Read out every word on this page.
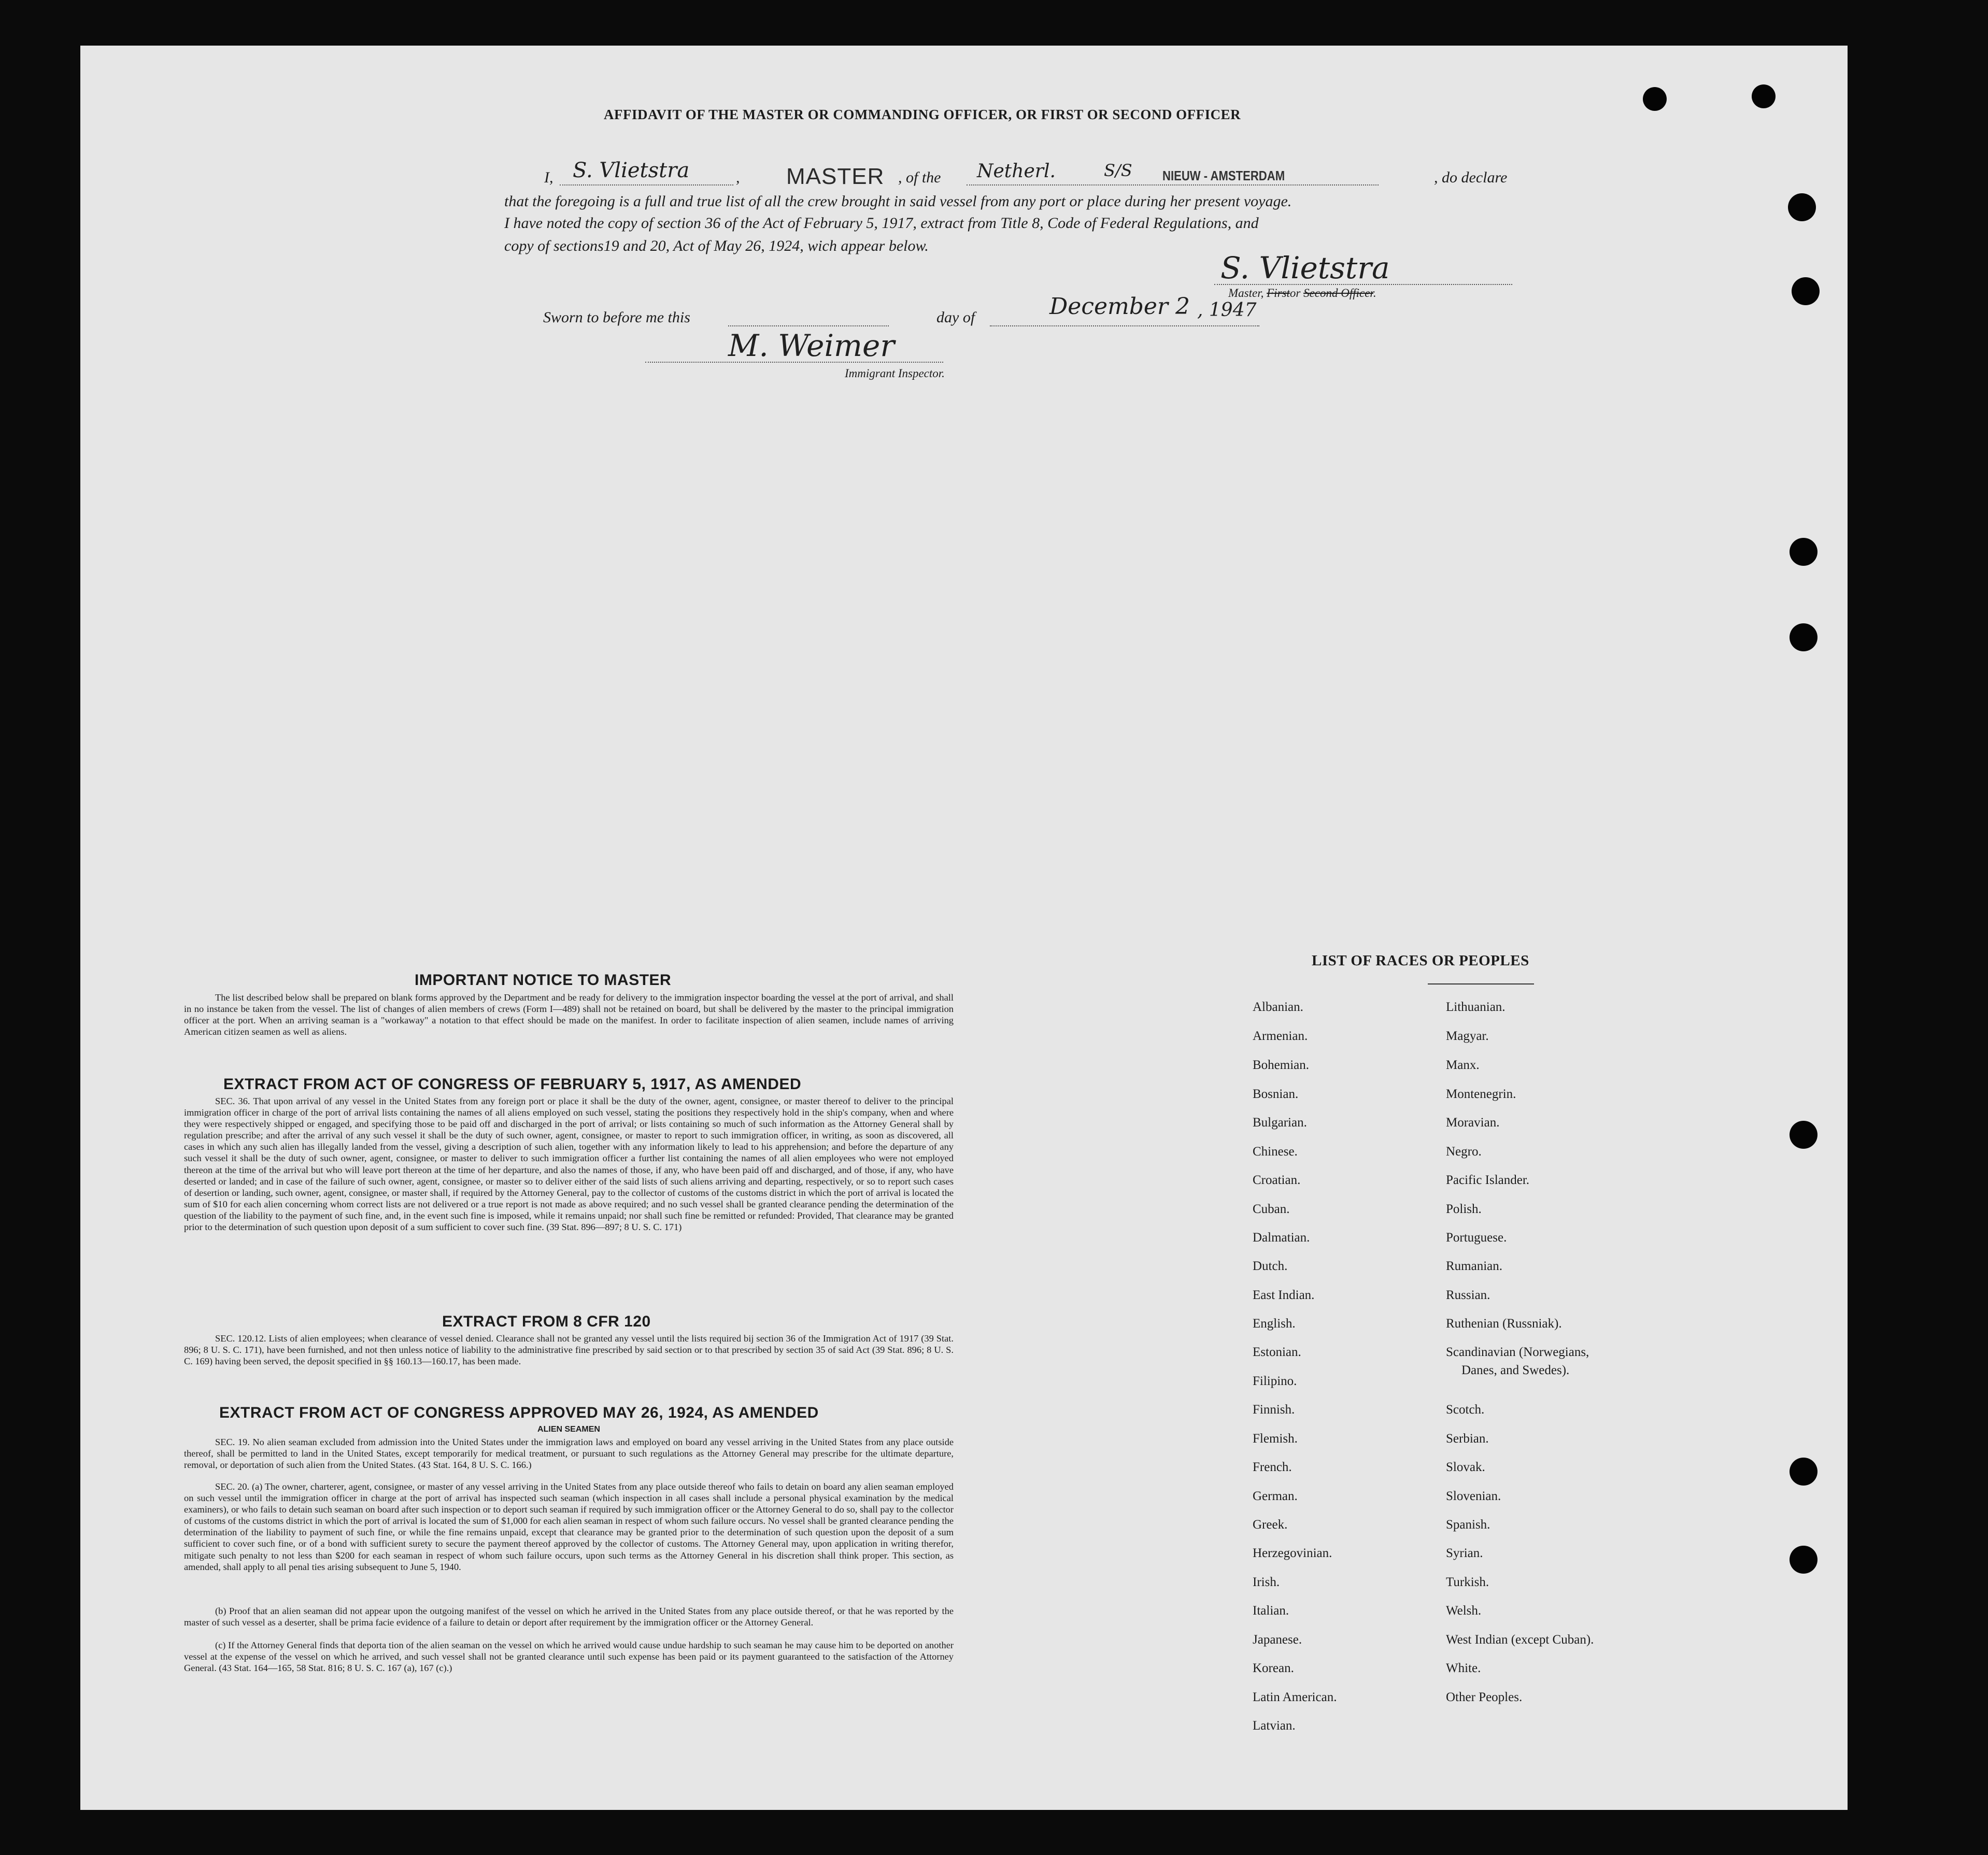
AFFIDAVIT OF THE MASTER OR COMMANDING OFFICER, OR FIRST OR SECOND OFFICER
I, S. Vlietstra	, MASTER , of the Netherl.	S/S NIEUW - AMSTERDAM	, do declare
that the foregoing is a full and true list of all the crew brought in said vessel from any port or place during her present voyage.
I have noted the copy of section 36 of the Act of February 5, 1917, extract from Title 8, Code of Federal Regulations, and
copy of sections19 and 20, Act of May 26, 1924, wich appear below.
S. Vlietstra
Master, Firstor Second Officer.
Sworn to before me this	day of	December 2 , 1947
M. Weimer
Immigrant Inspector.
IMPORTANT NOTICE TO MASTER
The list described below shall be prepared on blank forms approved by the Department and be ready for delivery to the immigration inspector boarding the vessel at the port of arrival, and shall in no instance be taken from the vessel. The list of changes of alien members of crews (Form I—489) shall not be retained on board, but shall be delivered by the master to the principal immigration officer at the port. When an arriving seaman is a "workaway" a notation to that effect should be made on the manifest. In order to facilitate inspection of alien seamen, include names of arriving American citizen seamen as well as aliens.
EXTRACT FROM ACT OF CONGRESS OF FEBRUARY 5, 1917, AS AMENDED
SEC. 36. That upon arrival of any vessel in the United States from any foreign port or place it shall be the duty of the owner, agent, consignee, or master thereof to deliver to the principal immigration officer in charge of the port of arrival lists containing the names of all aliens employed on such vessel, stating the positions they respectively hold in the ship's company, when and where they were respectively shipped or engaged, and specifying those to be paid off and discharged in the port of arrival; or lists containing so much of such information as the Attorney General shall by regulation prescribe; and after the arrival of any such vessel it shall be the duty of such owner, agent, consignee, or master to report to such immigration officer, in writing, as soon as discovered, all cases in which any such alien has illegally landed from the vessel, giving a description of such alien, together with any information likely to lead to his apprehension; and before the departure of any such vessel it shall be the duty of such owner, agent, consignee, or master to deliver to such immigration officer a further list containing the names of all alien employees who were not employed thereon at the time of the arrival but who will leave port thereon at the time of her departure, and also the names of those, if any, who have been paid off and discharged, and of those, if any, who have deserted or landed; and in case of the failure of such owner, agent, consignee, or master so to deliver either of the said lists of such aliens arriving and departing, respectively, or so to report such cases of desertion or landing, such owner, agent, consignee, or master shall, if required by the Attorney General, pay to the collector of customs of the customs district in which the port of arrival is located the sum of $10 for each alien concerning whom correct lists are not delivered or a true report is not made as above required; and no such vessel shall be granted clearance pending the determination of the question of the liability to the payment of such fine, and, in the event such fine is imposed, while it remains unpaid; nor shall such fine be remitted or refunded: Provided, That clearance may be granted prior to the determination of such question upon deposit of a sum sufficient to cover such fine. (39 Stat. 896—897; 8 U. S. C. 171)
EXTRACT FROM 8 CFR 120
SEC. 120.12. Lists of alien employees; when clearance of vessel denied. Clearance shall not be granted any vessel until the lists required bij section 36 of the Immigration Act of 1917 (39 Stat. 896; 8 U. S. C. 171), have been furnished, and not then unless notice of liability to the administrative fine prescribed by said section or to that prescribed by section 35 of said Act (39 Stat. 896; 8 U. S. C. 169) having been served, the deposit specified in §§ 160.13—160.17, has been made.
EXTRACT FROM ACT OF CONGRESS APPROVED MAY 26, 1924, AS AMENDED
ALIEN SEAMEN
SEC. 19. No alien seaman excluded from admission into the United States under the immigration laws and employed on board any vessel arriving in the United States from any place outside thereof, shall be permitted to land in the United States, except temporarily for medical treatment, or pursuant to such regulations as the Attorney General may prescribe for the ultimate departure, removal, or deportation of such alien from the United States. (43 Stat. 164, 8 U. S. C. 166.)
SEC. 20. (a) The owner, charterer, agent, consignee, or master of any vessel arriving in the United States from any place outside thereof who fails to detain on board any alien seaman employed on such vessel until the immigration officer in charge at the port of arrival has inspected such seaman (which inspection in all cases shall include a personal physical examination by the medical examiners), or who fails to detain such seaman on board after such inspection or to deport such seaman if required by such immigration officer or the Attorney General to do so, shall pay to the collector of customs of the customs district in which the port of arrival is located the sum of $1,000 for each alien seaman in respect of whom such failure occurs. No vessel shall be granted clearance pending the determination of the liability to payment of such fine, or while the fine remains unpaid, except that clearance may be granted prior to the determination of such question upon the deposit of a sum sufficient to cover such fine, or of a bond with sufficient surety to secure the payment thereof approved by the collector of customs. The Attorney General may, upon application in writing therefor, mitigate such penalty to not less than $200 for each seaman in respect of whom such failure occurs, upon such terms as the Attorney General in his discretion shall think proper. This section, as amended, shall apply to all penal ties arising subsequent to June 5, 1940.
(b) Proof that an alien seaman did not appear upon the outgoing manifest of the vessel on which he arrived in the United States from any place outside thereof, or that he was reported by the master of such vessel as a deserter, shall be prima facie evidence of a failure to detain or deport after requirement by the immigration officer or the Attorney General.
(c) If the Attorney General finds that deporta tion of the alien seaman on the vessel on which he arrived would cause undue hardship to such seaman he may cause him to be deported on another vessel at the expense of the vessel on which he arrived, and such vessel shall not be granted clearance until such expense has been paid or its payment guaranteed to the satisfaction of the Attorney General. (43 Stat. 164—165, 58 Stat. 816; 8 U. S. C. 167 (a), 167 (c).)
LIST OF RACES OR PEOPLES
Albanian.
Armenian.
Bohemian.
Bosnian.
Bulgarian.
Chinese.
Croatian.
Cuban.
Dalmatian.
Dutch.
East Indian.
English.
Estonian.
Filipino.
Finnish.
Flemish.
French.
German.
Greek.
Herzegovinian.
Irish.
Italian.
Japanese.
Korean.
Latin American.
Latvian.
Lithuanian.
Magyar.
Manx.
Montenegrin.
Moravian.
Negro.
Pacific Islander.
Polish.
Portuguese.
Rumanian.
Russian.
Ruthenian (Russniak).
Scandinavian (Norwegians,
Danes, and Swedes).
Scotch.
Serbian.
Slovak.
Slovenian.
Spanish.
Syrian.
Turkish.
Welsh.
West Indian (except Cuban).
White.
Other Peoples.
